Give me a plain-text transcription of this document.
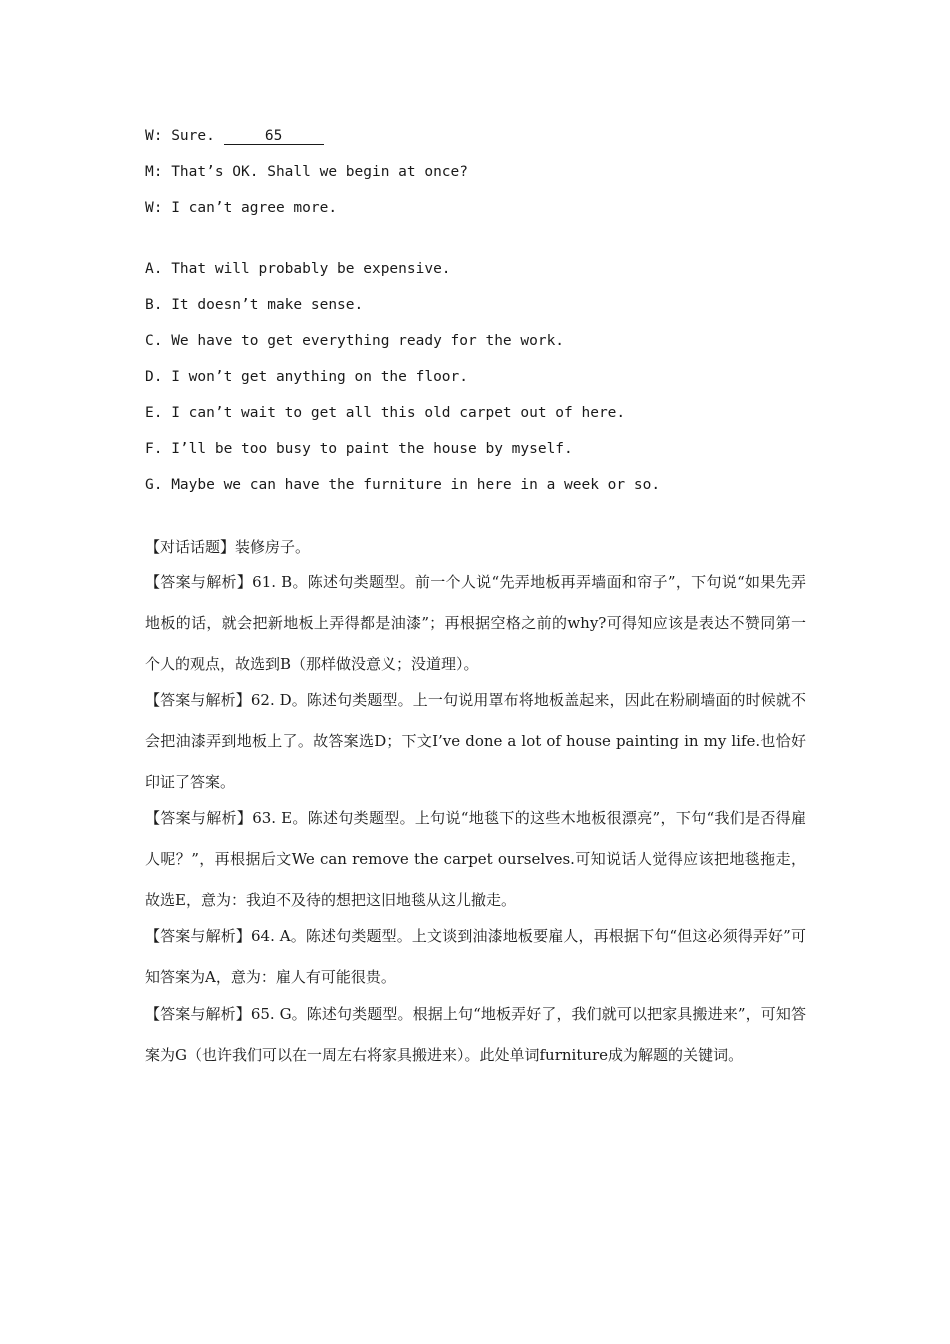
W: Sure.	65
M: That’s OK. Shall we begin at once?
W: I can’t agree more.
A. That will probably be expensive.
B. It doesn’t make sense.
C. We have to get everything ready for the work.
D. I won’t get anything on the floor.
E. I can’t wait to get all this old carpet out of here.
F. I’ll be too busy to paint the house by myself.
G. Maybe we can have the furniture in here in a week or so.
【对话话题】装修房子。
【答案与解析】61. B。陈述句类题型。前一个人说“先弄地板再弄墙面和帘子”，下句说“如果先弄地板的话，就会把新地板上弄得都是油漆”；再根据空格之前的why?可得知应该是表达不赞同第一个人的观点，故选到B（那样做没意义；没道理）。
【答案与解析】62. D。陈述句类题型。上一句说用罩布将地板盖起来，因此在粉刷墙面的时候就不会把油漆弄到地板上了。故答案选D；下文I’ve done a lot of house painting in my life.也恰好印证了答案。
【答案与解析】63. E。陈述句类题型。上句说“地毯下的这些木地板很漂亮”，下句“我们是否得雇人呢？”，再根据后文We can remove the carpet ourselves.可知说话人觉得应该把地毯拖走，故选E，意为：我迫不及待的想把这旧地毯从这儿撤走。
【答案与解析】64. A。陈述句类题型。上文谈到油漆地板要雇人，再根据下句“但这必须得弄好”可知答案为A，意为：雇人有可能很贵。
【答案与解析】65. G。陈述句类题型。根据上句“地板弄好了，我们就可以把家具搬进来”，可知答案为G（也许我们可以在一周左右将家具搬进来）。此处单词furniture成为解题的关键词。
